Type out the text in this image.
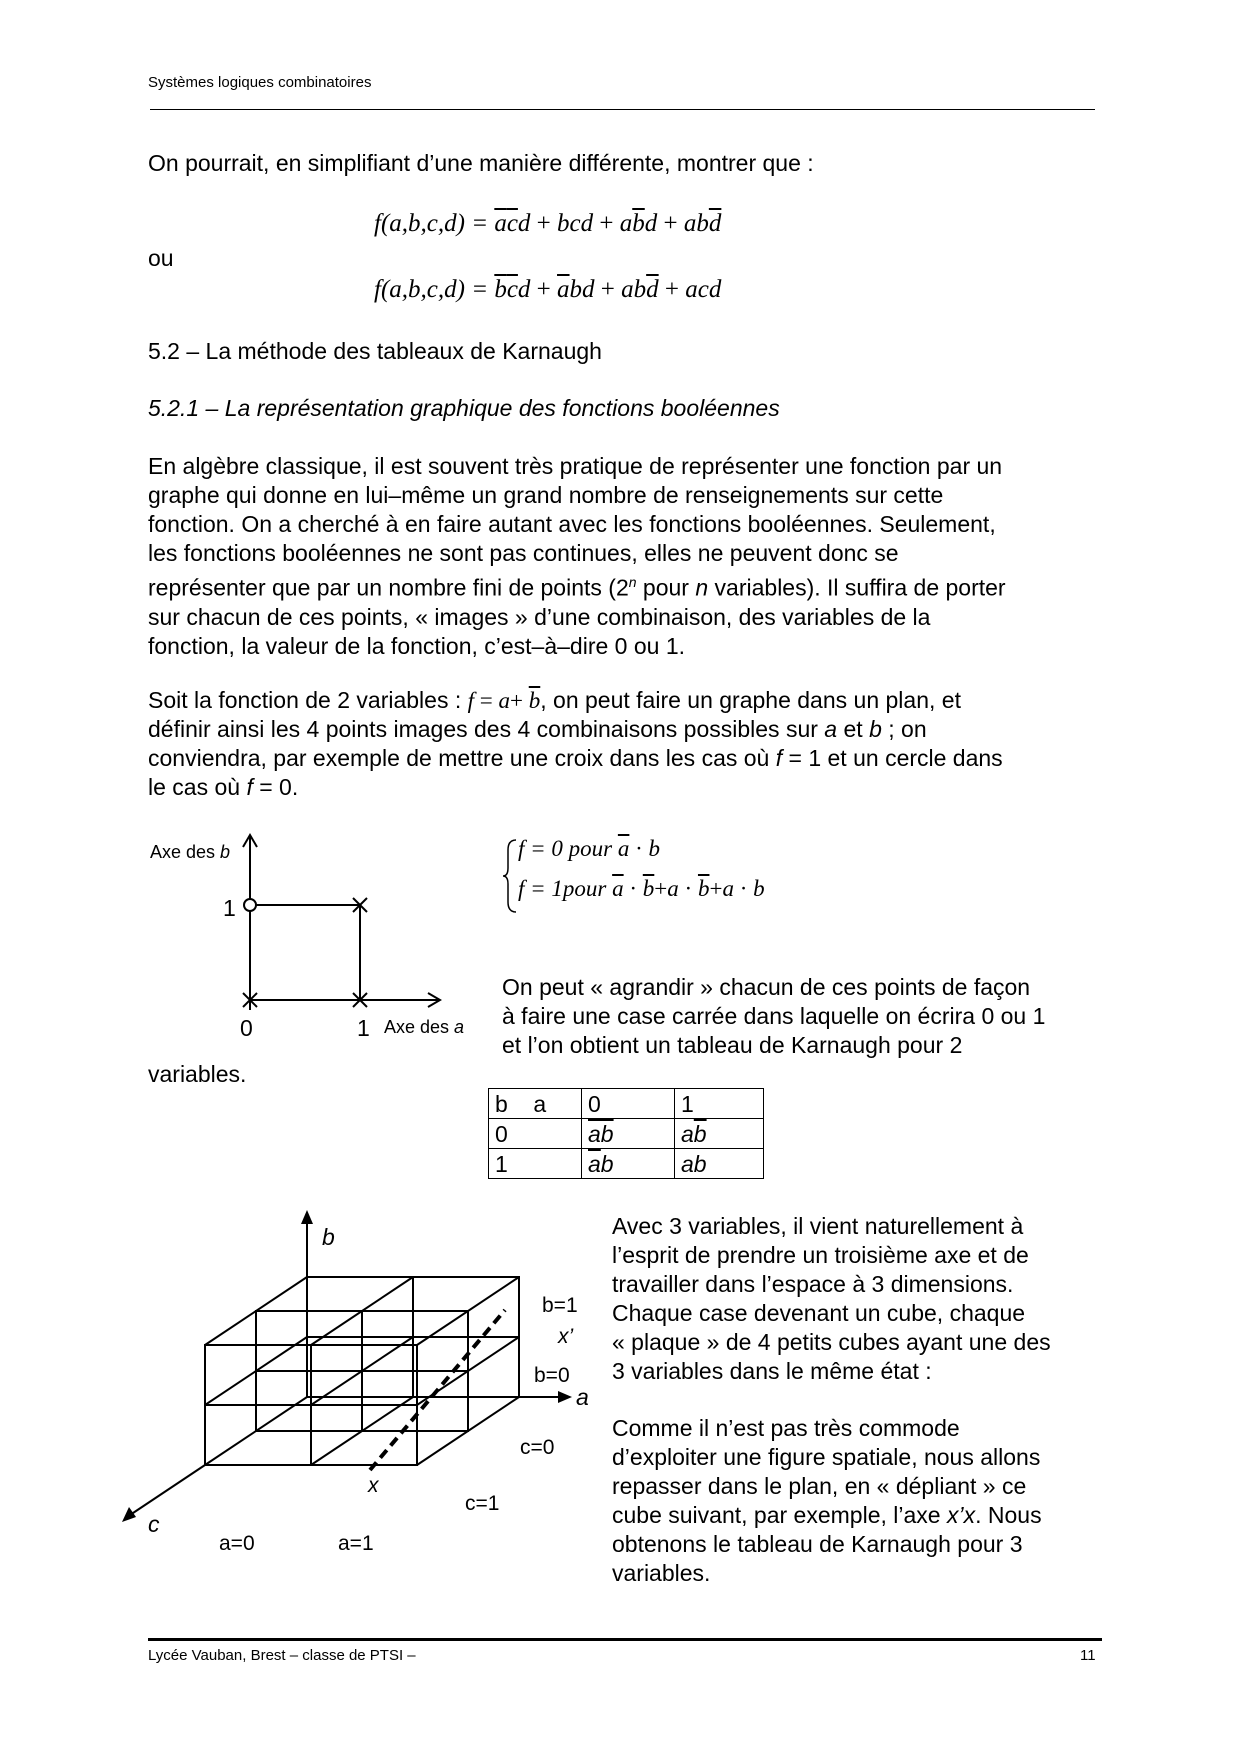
Systèmes logiques combinatoires
On pourrait, en simplifiant d’une manière différente, montrer que :
$f(a,b,c,d) = \overline{a}\overline{c}d$ + bcd + $a\overline{b}d + ab\overline{d}$
ou
$f(a,b,c,d) = \overline{b}\overline{c}d + \overline{a}bd + ab\overline{d}$ + acd
5.2 – La méthode des tableaux de Karnaugh
5.2.1 – La représentation graphique des fonctions booléennes
En algèbre classique, il est souvent très pratique de représenter une fonction par un
graphe qui donne en lui–même un grand nombre de renseignements sur cette
fonction. On a cherché à en faire autant avec les fonctions booléennes. Seulement,
les fonctions booléennes ne sont pas continues, elles ne peuvent donc se
représenter que par un nombre fini de points (2$^n$ pour n variables). Il suffira de porter
sur chacun de ces points, « images » d’une combinaison, des variables de la
fonction, la valeur de la fonction, c’est–à–dire 0 ou 1.
Soit la fonction de 2 variables : $f = a+ \overline{b}$, on peut faire un graphe dans un plan, et
définir ainsi les 4 points images des 4 combinaisons possibles sur a et b ; on
conviendra, par exemple de mettre une croix dans les cas où f = 1 et un cercle dans
le cas où f = 0.
Axe des b
1
0	1 Axe des a
f = 0 pour $\overline{a} \cdot b$
f = 1pour $\overline{a} \cdot \overline{b}+a \cdot \overline{b}+a \cdot b$
On peut « agrandir » chacun de ces points de façon
à faire une case carrée dans laquelle on écrira 0 ou 1
et l’on obtient un tableau de Karnaugh pour 2
variables.
b    a	0	1
0	$\overline{ab}$	$a\overline{b}$
1	$\overline{a}b$	ab
b
a
c
b=1
x’
b=0
c=0
x
c=1
a=0	a=1
Avec 3 variables, il vient naturellement à
l’esprit de prendre un troisième axe et de
travailler dans l’espace à 3 dimensions.
Chaque case devenant un cube, chaque
« plaque » de 4 petits cubes ayant une des
3 variables dans le même état :
Comme il n’est pas très commode
d’exploiter une figure spatiale, nous allons
repasser dans le plan, en « dépliant » ce
cube suivant, par exemple, l’axe x’x. Nous
obtenons le tableau de Karnaugh pour 3
variables.
Lycée Vauban, Brest – classe de PTSI –	11
